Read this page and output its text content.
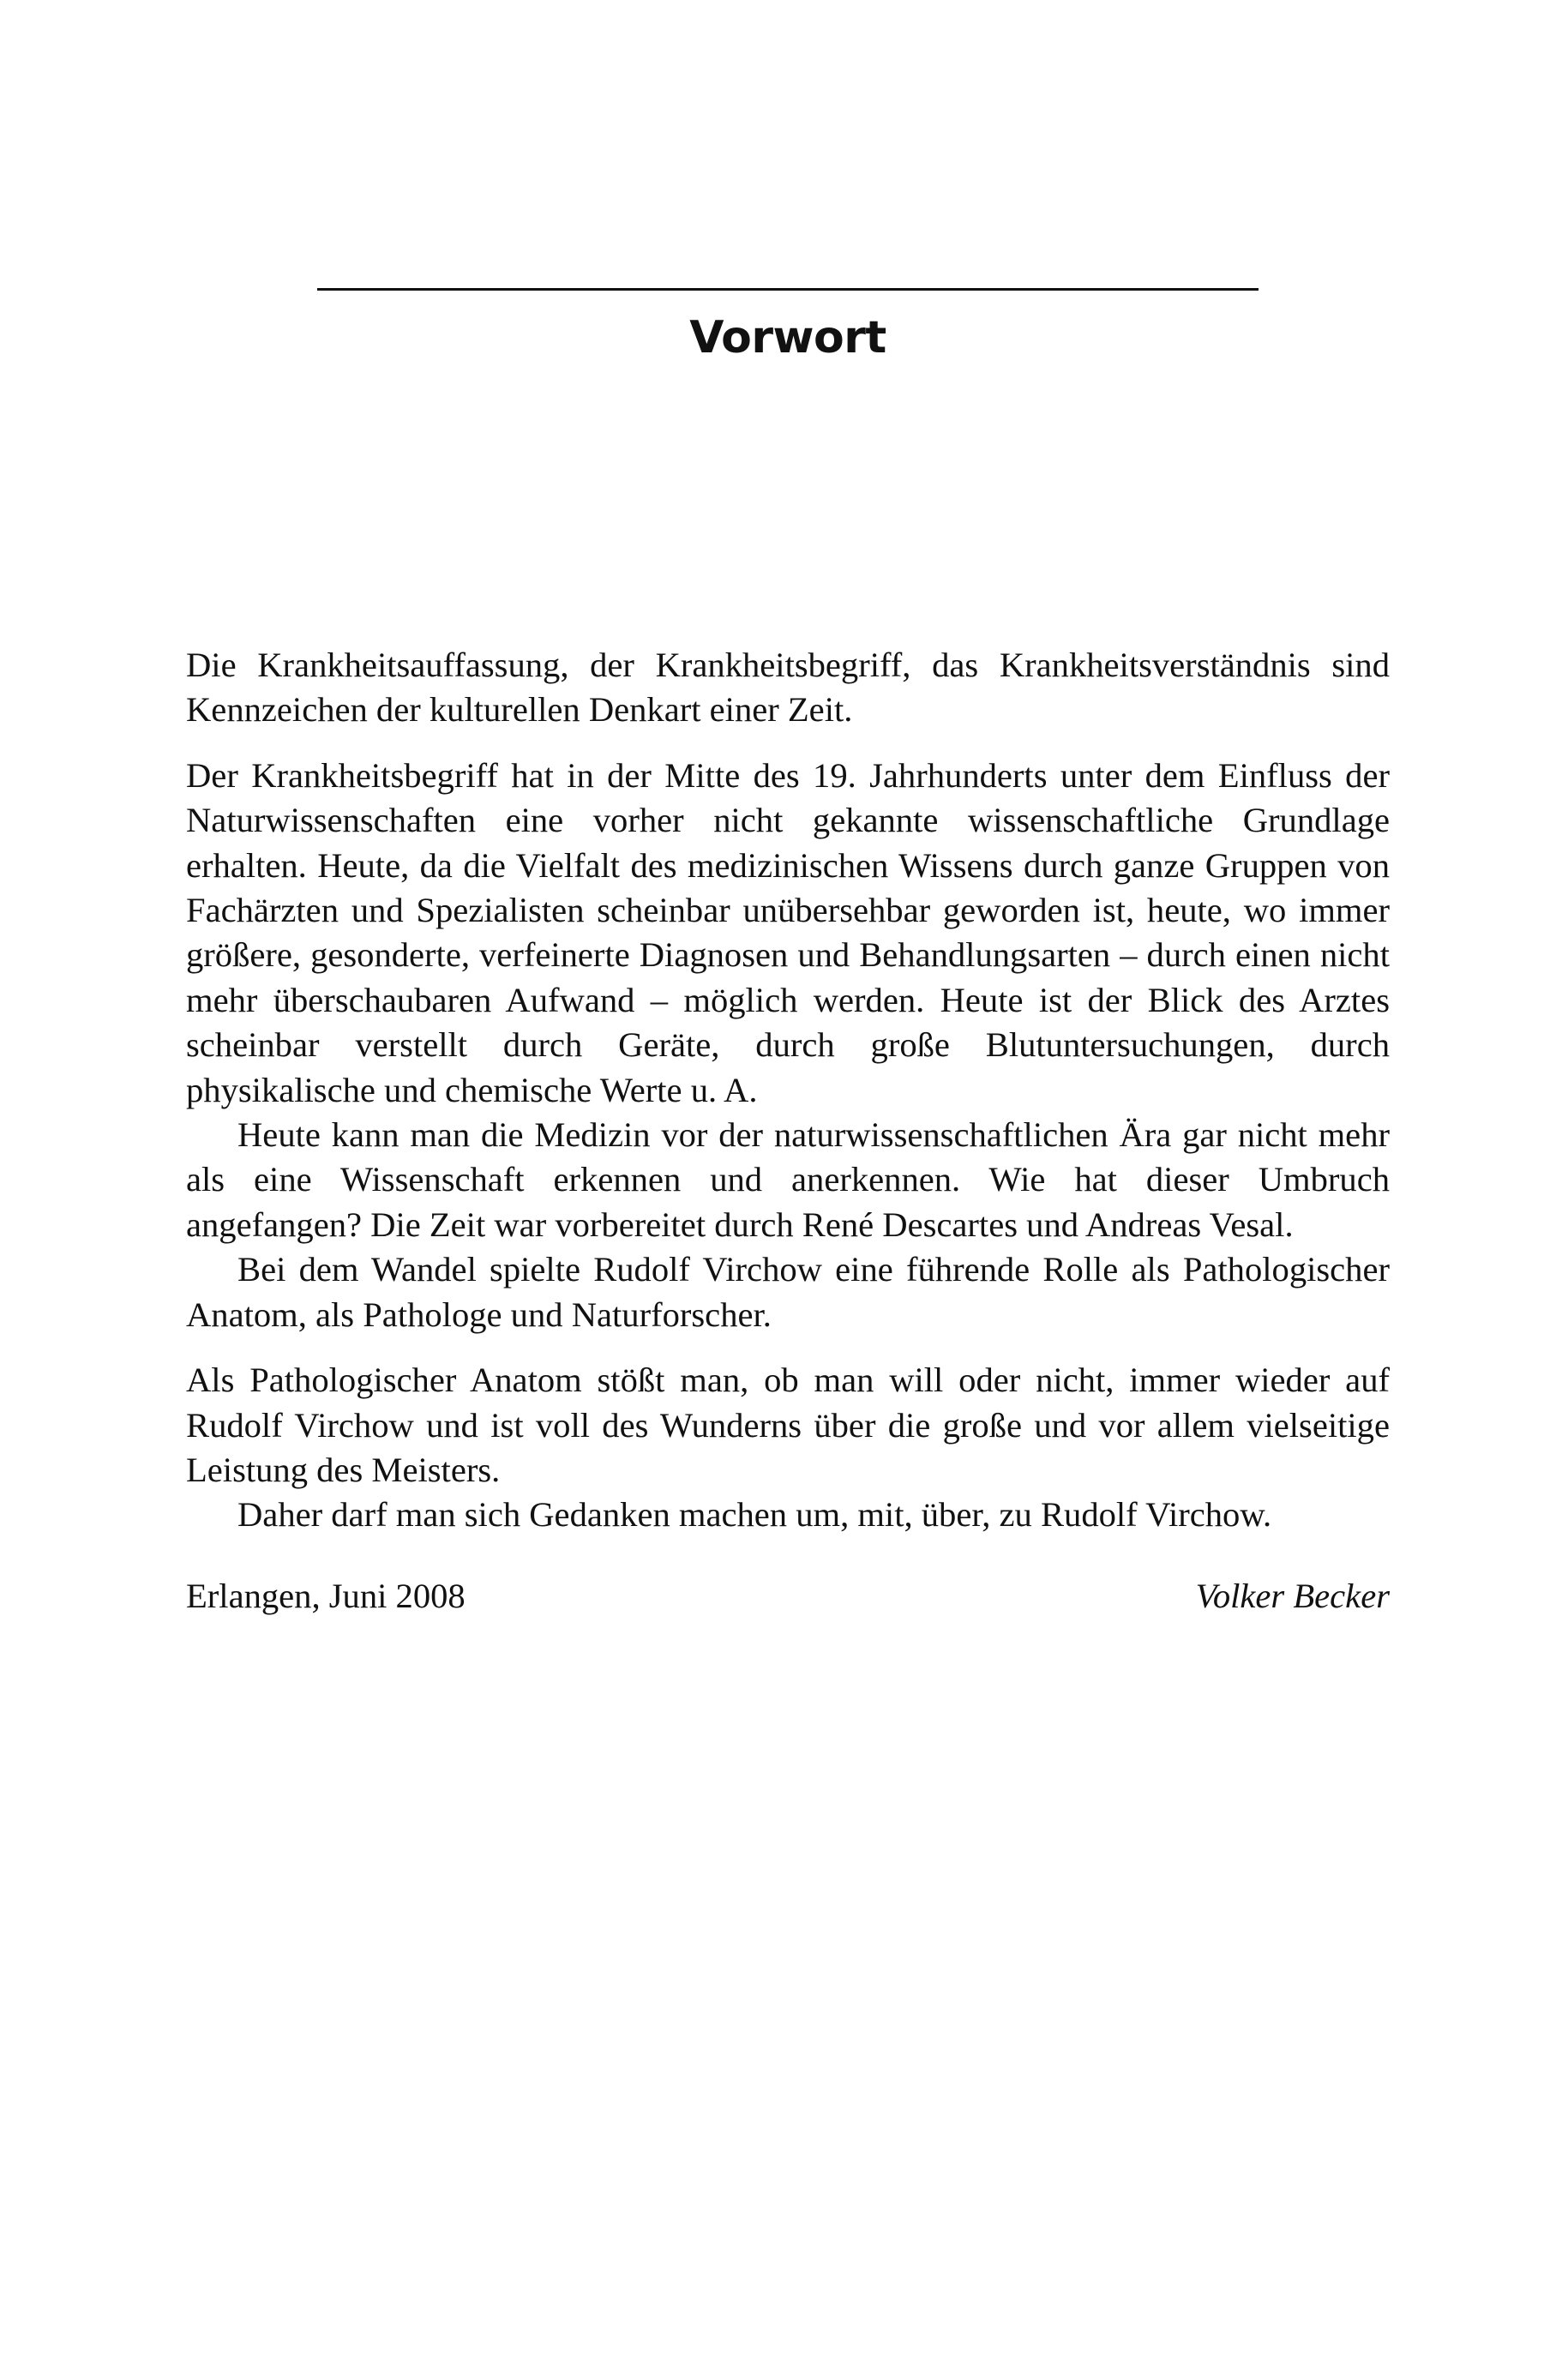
Vorwort

Die Krankheitsauffassung, der Krankheitsbegriff, das Krankheitsverständnis sind Kennzeichen der kulturellen Denkart einer Zeit.

Der Krankheitsbegriff hat in der Mitte des 19. Jahrhunderts unter dem Einfluss der Naturwissenschaften eine vorher nicht gekannte wissenschaftliche Grundlage erhalten. Heute, da die Vielfalt des medizinischen Wissens durch ganze Gruppen von Fachärzten und Spezialisten scheinbar unübersehbar geworden ist, heute, wo immer größere, gesonderte, verfeinerte Diagnosen und Behandlungsarten – durch einen nicht mehr überschaubaren Aufwand – möglich werden. Heute ist der Blick des Arztes scheinbar verstellt durch Geräte, durch große Blutuntersuchungen, durch physikalische und chemische Werte u. A.

Heute kann man die Medizin vor der naturwissenschaftlichen Ära gar nicht mehr als eine Wissenschaft erkennen und anerkennen. Wie hat dieser Umbruch angefangen? Die Zeit war vorbereitet durch René Descartes und Andreas Vesal.

Bei dem Wandel spielte Rudolf Virchow eine führende Rolle als Pathologischer Anatom, als Pathologe und Naturforscher.

Als Pathologischer Anatom stößt man, ob man will oder nicht, immer wieder auf Rudolf Virchow und ist voll des Wunderns über die große und vor allem vielseitige Leistung des Meisters.

Daher darf man sich Gedanken machen um, mit, über, zu Rudolf Virchow.

Erlangen, Juni 2008	Volker Becker
